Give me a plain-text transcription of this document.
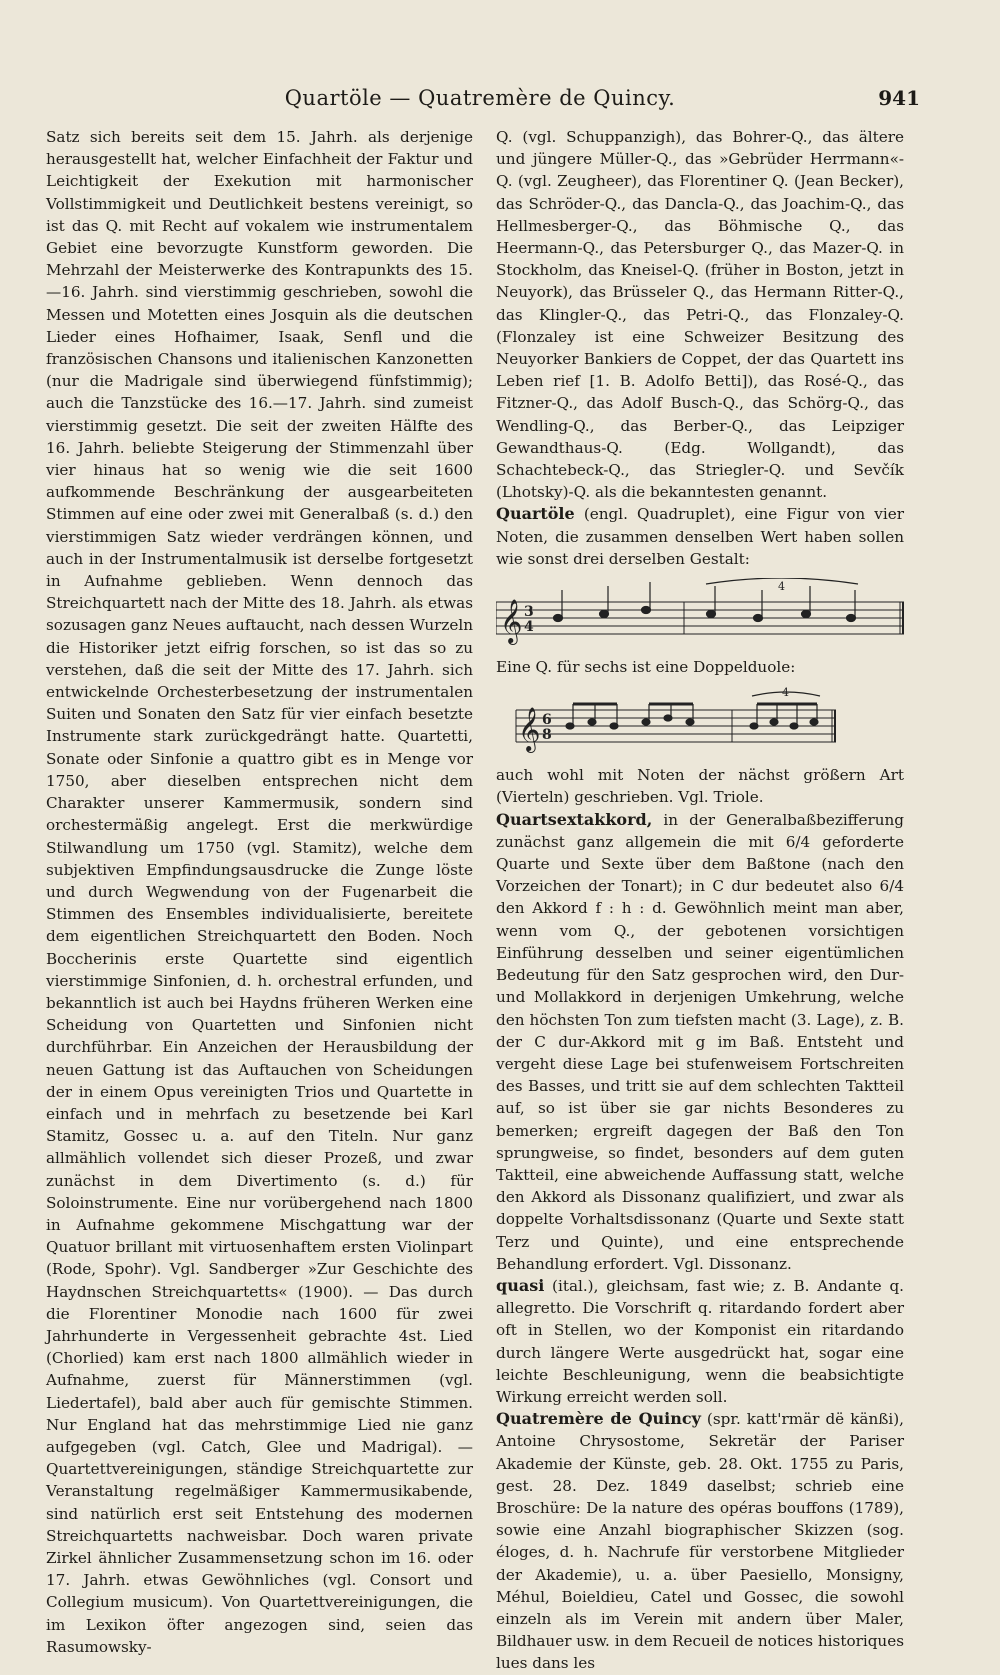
Quartöle — Quatremère de Quincy.	941

Satz sich bereits seit dem 15. Jahrh. als derjenige herausgestellt hat, welcher Einfachheit der Faktur und Leichtigkeit der Exekution mit harmonischer Vollstimmigkeit und Deutlichkeit bestens vereinigt, so ist das Q. mit Recht auf vokalem wie instrumentalem Gebiet eine bevorzugte Kunstform geworden. Die Mehrzahl der Meisterwerke des Kontrapunkts des 15.—16. Jahrh. sind vierstimmig geschrieben, sowohl die Messen und Motetten eines Josquin als die deutschen Lieder eines Hofhaimer, Isaak, Senfl und die französischen Chansons und italienischen Kanzonetten (nur die Madrigale sind überwiegend fünfstimmig); auch die Tanzstücke des 16.—17. Jahrh. sind zumeist vierstimmig gesetzt. Die seit der zweiten Hälfte des 16. Jahrh. beliebte Steigerung der Stimmenzahl über vier hinaus hat so wenig wie die seit 1600 aufkommende Beschränkung der ausgearbeiteten Stimmen auf eine oder zwei mit Generalbaß (s. d.) den vierstimmigen Satz wieder verdrängen können, und auch in der Instrumentalmusik ist derselbe fortgesetzt in Aufnahme geblieben. Wenn dennoch das Streichquartett nach der Mitte des 18. Jahrh. als etwas sozusagen ganz Neues auftaucht, nach dessen Wurzeln die Historiker jetzt eifrig forschen, so ist das so zu verstehen, daß die seit der Mitte des 17. Jahrh. sich entwickelnde Orchesterbesetzung der instrumentalen Suiten und Sonaten den Satz für vier einfach besetzte Instrumente stark zurückgedrängt hatte. Quartetti, Sonate oder Sinfonie a quattro gibt es in Menge vor 1750, aber dieselben entsprechen nicht dem Charakter unserer Kammermusik, sondern sind orchestermäßig angelegt. Erst die merkwürdige Stilwandlung um 1750 (vgl. Stamitz), welche dem subjektiven Empfindungsausdrucke die Zunge löste und durch Wegwendung von der Fugenarbeit die Stimmen des Ensembles individualisierte, bereitete dem eigentlichen Streichquartett den Boden. Noch Boccherinis erste Quartette sind eigentlich vierstimmige Sinfonien, d. h. orchestral erfunden, und bekanntlich ist auch bei Haydns früheren Werken eine Scheidung von Quartetten und Sinfonien nicht durchführbar. Ein Anzeichen der Herausbildung der neuen Gattung ist das Auftauchen von Scheidungen der in einem Opus vereinigten Trios und Quartette in einfach und in mehrfach zu besetzende bei Karl Stamitz, Gossec u. a. auf den Titeln. Nur ganz allmählich vollendet sich dieser Prozeß, und zwar zunächst in dem Divertimento (s. d.) für Soloinstrumente. Eine nur vorübergehend nach 1800 in Aufnahme gekommene Mischgattung war der Quatuor brillant mit virtuosenhaftem ersten Violinpart (Rode, Spohr). Vgl. Sandberger »Zur Geschichte des Haydnschen Streichquartetts« (1900). — Das durch die Florentiner Monodie nach 1600 für zwei Jahrhunderte in Vergessenheit gebrachte 4st. Lied (Chorlied) kam erst nach 1800 allmählich wieder in Aufnahme, zuerst für Männerstimmen (vgl. Liedertafel), bald aber auch für gemischte Stimmen. Nur England hat das mehrstimmige Lied nie ganz aufgegeben (vgl. Catch, Glee und Madrigal). — Quartettvereinigungen, ständige Streichquartette zur Veranstaltung regelmäßiger Kammermusikabende, sind natürlich erst seit Entstehung des modernen Streichquartetts nachweisbar. Doch waren private Zirkel ähnlicher Zusammensetzung schon im 16. oder 17. Jahrh. etwas Gewöhnliches (vgl. Consort und Collegium musicum). Von Quartettvereinigungen, die im Lexikon öfter angezogen sind, seien das Rasumowsky-

Q. (vgl. Schuppanzigh), das Bohrer-Q., das ältere und jüngere Müller-Q., das »Gebrüder Herrmann«-Q. (vgl. Zeugheer), das Florentiner Q. (Jean Becker), das Schröder-Q., das Dancla-Q., das Joachim-Q., das Hellmesberger-Q., das Böhmische Q., das Heermann-Q., das Petersburger Q., das Mazer-Q. in Stockholm, das Kneisel-Q. (früher in Boston, jetzt in Neuyork), das Brüsseler Q., das Hermann Ritter-Q., das Klingler-Q., das Petri-Q., das Flonzaley-Q. (Flonzaley ist eine Schweizer Besitzung des Neuyorker Bankiers de Coppet, der das Quartett ins Leben rief [1. B. Adolfo Betti]), das Rosé-Q., das Fitzner-Q., das Adolf Busch-Q., das Schörg-Q., das Wendling-Q., das Berber-Q., das Leipziger Gewandthaus-Q. (Edg. Wollgandt), das Schachtebeck-Q., das Striegler-Q. und Sevčík (Lhotsky)-Q. als die bekanntesten genannt.

Quartöle (engl. Quadruplet), eine Figur von vier Noten, die zusammen denselben Wert haben sollen wie sonst drei derselben Gestalt:

𝄞 3
4
4

Eine Q. für sechs ist eine Doppelduole:

𝄞 6
8
4

auch wohl mit Noten der nächst größern Art (Vierteln) geschrieben. Vgl. Triole.

Quartsextakkord, in der Generalbaßbezifferung zunächst ganz allgemein die mit 6/4 geforderte Quarte und Sexte über dem Baßtone (nach den Vorzeichen der Tonart); in C dur bedeutet also 6/4 den Akkord f : h : d. Gewöhnlich meint man aber, wenn vom Q., der gebotenen vorsichtigen Einführung desselben und seiner eigentümlichen Bedeutung für den Satz gesprochen wird, den Dur- und Mollakkord in derjenigen Umkehrung, welche den höchsten Ton zum tiefsten macht (3. Lage), z. B. der C dur-Akkord mit g im Baß. Entsteht und vergeht diese Lage bei stufenweisem Fortschreiten des Basses, und tritt sie auf dem schlechten Taktteil auf, so ist über sie gar nichts Besonderes zu bemerken; ergreift dagegen der Baß den Ton sprungweise, so findet, besonders auf dem guten Taktteil, eine abweichende Auffassung statt, welche den Akkord als Dissonanz qualifiziert, und zwar als doppelte Vorhaltsdissonanz (Quarte und Sexte statt Terz und Quinte), und eine entsprechende Behandlung erfordert. Vgl. Dissonanz.

quasi (ital.), gleichsam, fast wie; z. B. Andante q. allegretto. Die Vorschrift q. ritardando fordert aber oft in Stellen, wo der Komponist ein ritardando durch längere Werte ausgedrückt hat, sogar eine leichte Beschleunigung, wenn die beabsichtigte Wirkung erreicht werden soll.

Quatremère de Quincy (spr. katt'rmär dë känßi), Antoine Chrysostome, Sekretär der Pariser Akademie der Künste, geb. 28. Okt. 1755 zu Paris, gest. 28. Dez. 1849 daselbst; schrieb eine Broschüre: De la nature des opéras bouffons (1789), sowie eine Anzahl biographischer Skizzen (sog. éloges, d. h. Nachrufe für verstorbene Mitglieder der Akademie), u. a. über Paesiello, Monsigny, Méhul, Boieldieu, Catel und Gossec, die sowohl einzeln als im Verein mit andern über Maler, Bildhauer usw. in dem Recueil de notices historiques lues dans les
